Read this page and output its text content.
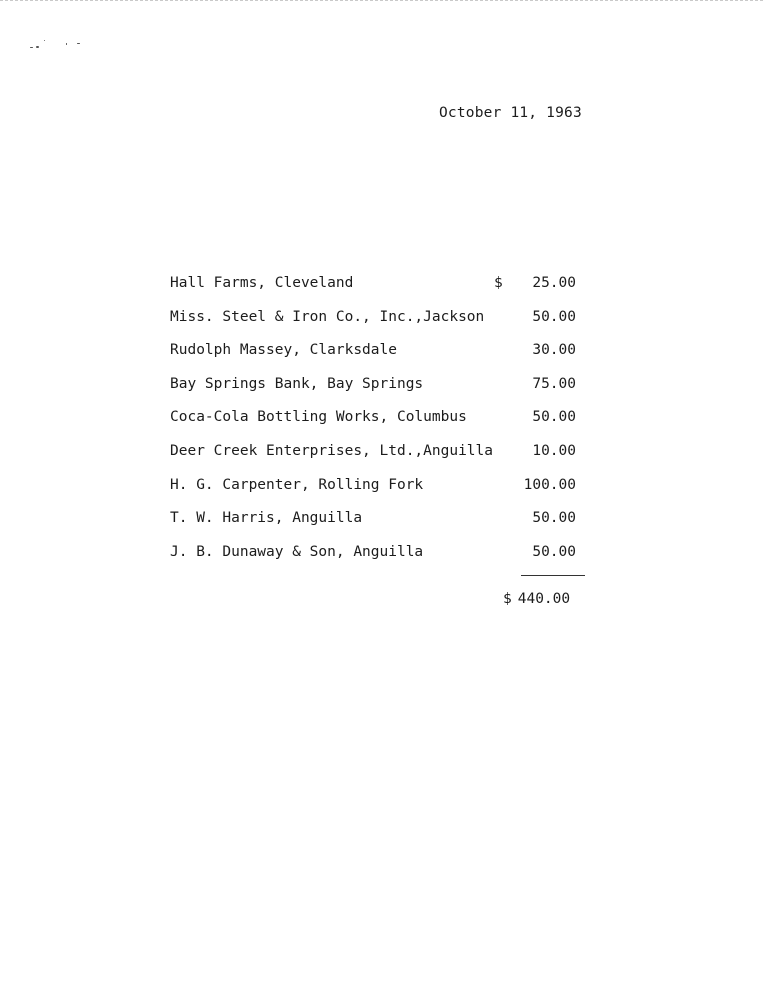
October 11, 1963
Hall Farms, Cleveland	$ 25.00
Miss. Steel & Iron Co., Inc.,Jackson	50.00
Rudolph Massey, Clarksdale	30.00
Bay Springs Bank, Bay Springs	75.00
Coca-Cola Bottling Works, Columbus	50.00
Deer Creek Enterprises, Ltd.,Anguilla	10.00
H. G. Carpenter, Rolling Fork	100.00
T. W. Harris, Anguilla	50.00
J. B. Dunaway & Son, Anguilla	50.00
$ 440.00
